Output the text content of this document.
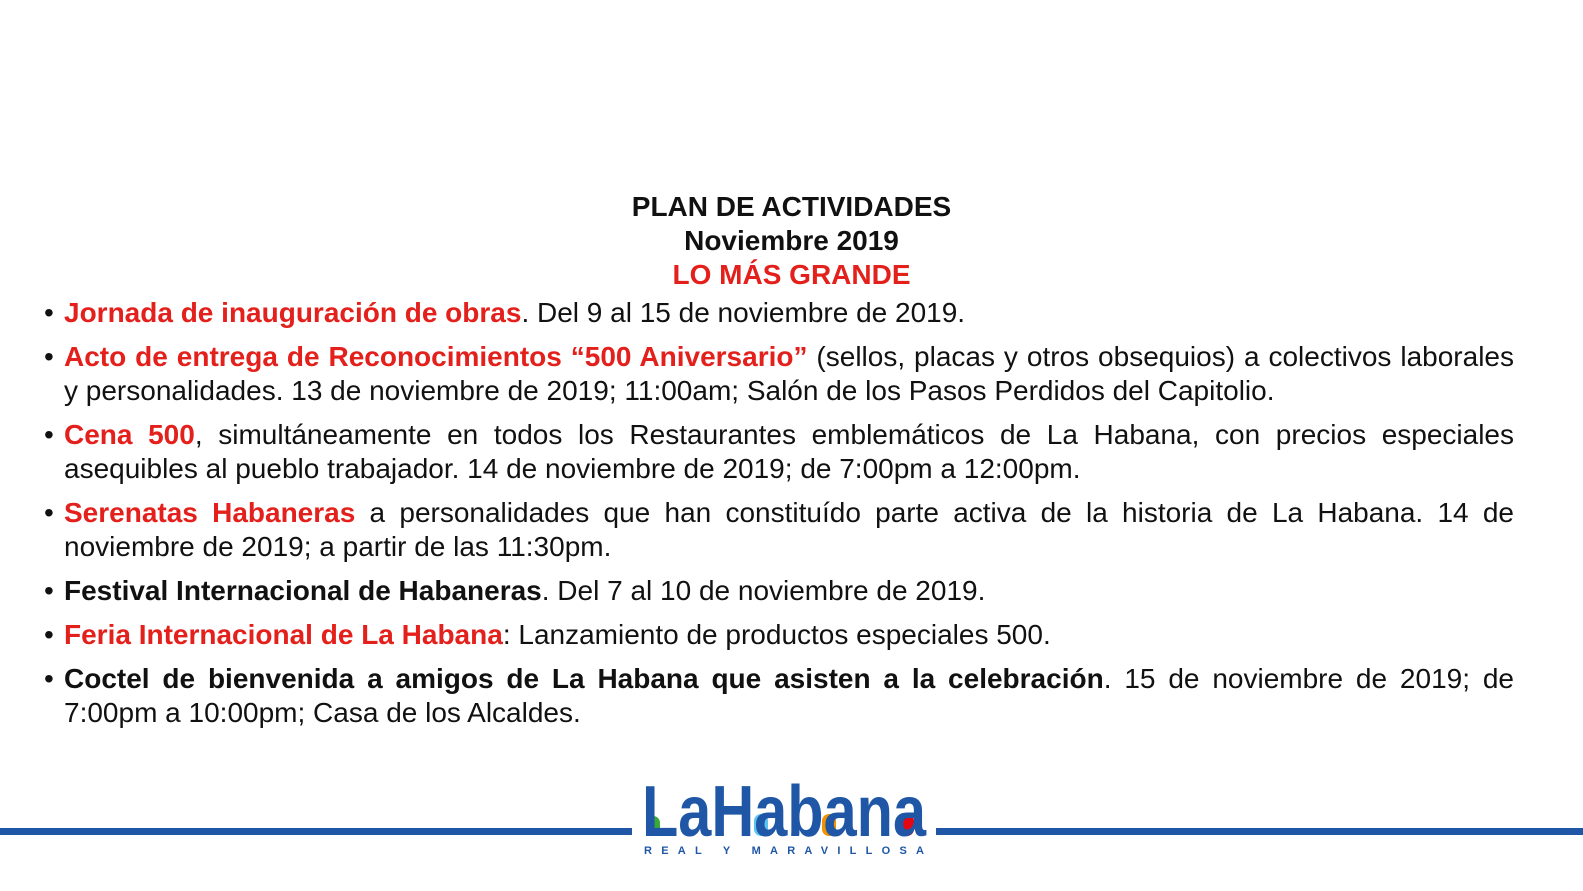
PLAN DE ACTIVIDADES
Noviembre 2019
LO MÁS GRANDE
• Jornada de inauguración de obras. Del 9 al 15 de noviembre de 2019.
• Acto de entrega de Reconocimientos “500 Aniversario” (sellos, placas y otros obsequios) a colectivos laborales y personalidades. 13 de noviembre de 2019; 11:00am; Salón de los Pasos Perdidos del Capitolio.
• Cena 500, simultáneamente en todos los Restaurantes emblemáticos de La Habana, con precios especiales asequibles al pueblo trabajador. 14 de noviembre de 2019; de 7:00pm a 12:00pm.
• Serenatas Habaneras a personalidades que han constituído parte activa de la historia de La Habana. 14 de noviembre de 2019; a partir de las 11:30pm.
• Festival Internacional de Habaneras. Del 7 al 10 de noviembre de 2019.
• Feria Internacional de La Habana: Lanzamiento de productos especiales 500.
• Coctel de bienvenida a amigos de La Habana que asisten a la celebración. 15 de noviembre de 2019; de 7:00pm a 10:00pm; Casa de los Alcaldes.
LaHabana
REAL Y MARAVILLOSA
